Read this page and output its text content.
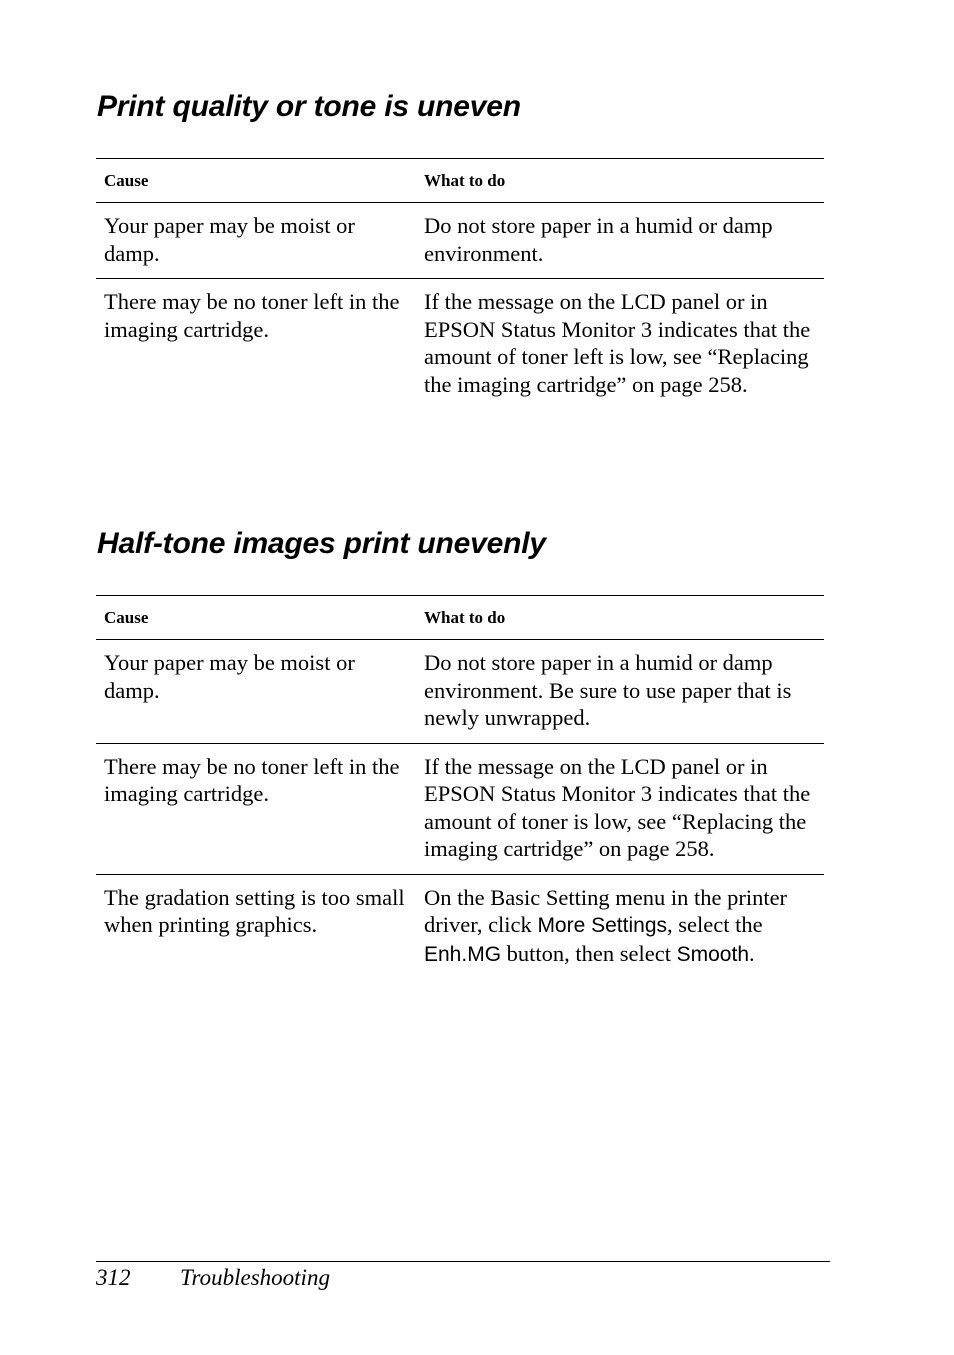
Print quality or tone is uneven
Cause	What to do
Your paper may be moist or damp.	Do not store paper in a humid or damp environment.
There may be no toner left in the imaging cartridge.	If the message on the LCD panel or in EPSON Status Monitor 3 indicates that the amount of toner left is low, see “Replacing the imaging cartridge” on page 258.
Half-tone images print unevenly
Cause	What to do
Your paper may be moist or damp.	Do not store paper in a humid or damp environment. Be sure to use paper that is newly unwrapped.
There may be no toner left in the imaging cartridge.	If the message on the LCD panel or in EPSON Status Monitor 3 indicates that the amount of toner is low, see “Replacing the imaging cartridge” on page 258.
The gradation setting is too small when printing graphics.	On the Basic Setting menu in the printer driver, click More Settings, select the Enh.MG button, then select Smooth.
312 Troubleshooting
